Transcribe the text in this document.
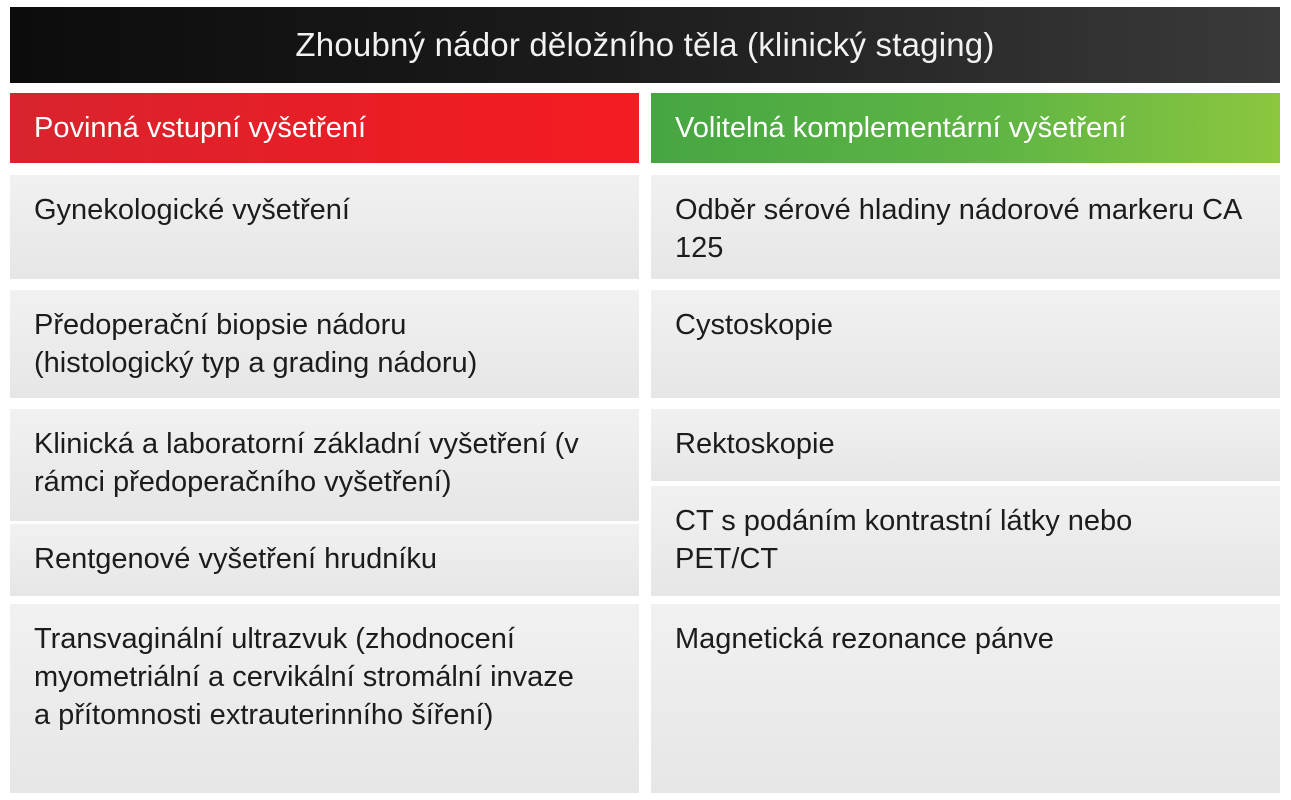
Zhoubný nádor děložního těla (klinický staging)
Povinná vstupní vyšetření
Gynekologické vyšetření
Předoperační biopsie nádoru (histologický typ a grading nádoru)
Klinická a laboratorní základní vyšetření (v rámci předoperačního vyšetření)
Rentgenové vyšetření hrudníku
Transvaginální ultrazvuk (zhodnocení myometriální a cervikální stromální invaze a přítomnosti extrauterinního šíření)
Volitelná komplementární vyšetření
Odběr sérové hladiny nádorové markeru CA 125
Cystoskopie
Rektoskopie
CT s podáním kontrastní látky nebo PET/CT
Magnetická rezonance pánve
